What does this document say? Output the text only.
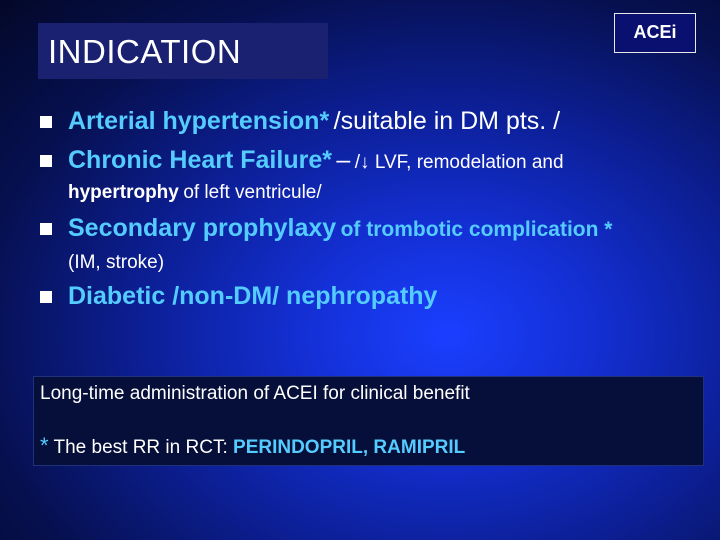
INDICATION
ACEi
Arterial hypertension* /suitable in DM pts. /
Chronic Heart Failure* – /↓ LVF, remodelation and
hypertrophy of left ventricule/
Secondary prophylaxy of trombotic complication *
(IM, stroke)
Diabetic /non-DM/ nephropathy
Long-time administration of ACEI for clinical benefit
* The best RR in RCT: PERINDOPRIL, RAMIPRIL
